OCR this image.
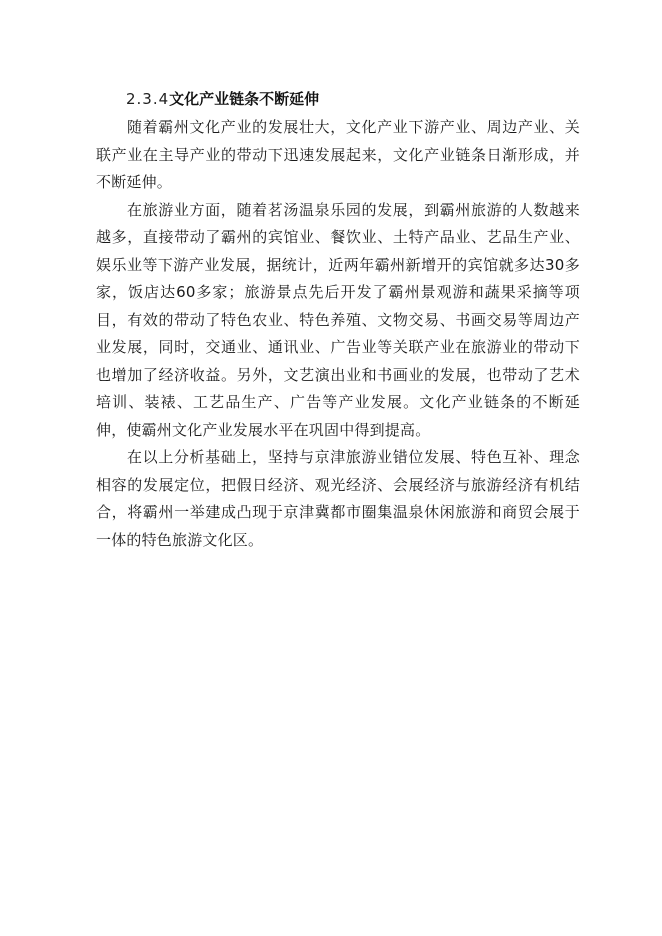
2.3.4 文化产业链条不断延伸

随着霸州文化产业的发展壮大，文化产业下游产业、周边产业、关联产业在主导产业的带动下迅速发展起来，文化产业链条日渐形成，并不断延伸。

在旅游业方面，随着茗汤温泉乐园的发展，到霸州旅游的人数越来越多，直接带动了霸州的宾馆业、餐饮业、土特产品业、艺品生产业、娱乐业等下游产业发展，据统计，近两年霸州新增开的宾馆就多达30多家，饭店达60多家；旅游景点先后开发了霸州景观游和蔬果采摘等项目，有效的带动了特色农业、特色养殖、文物交易、书画交易等周边产业发展，同时，交通业、通讯业、广告业等关联产业在旅游业的带动下也增加了经济收益。另外，文艺演出业和书画业的发展，也带动了艺术培训、装裱、工艺品生产、广告等产业发展。文化产业链条的不断延伸，使霸州文化产业发展水平在巩固中得到提高。

在以上分析基础上，坚持与京津旅游业错位发展、特色互补、理念相容的发展定位，把假日经济、观光经济、会展经济与旅游经济有机结合，将霸州一举建成凸现于京津冀都市圈集温泉休闲旅游和商贸会展于一体的特色旅游文化区。
